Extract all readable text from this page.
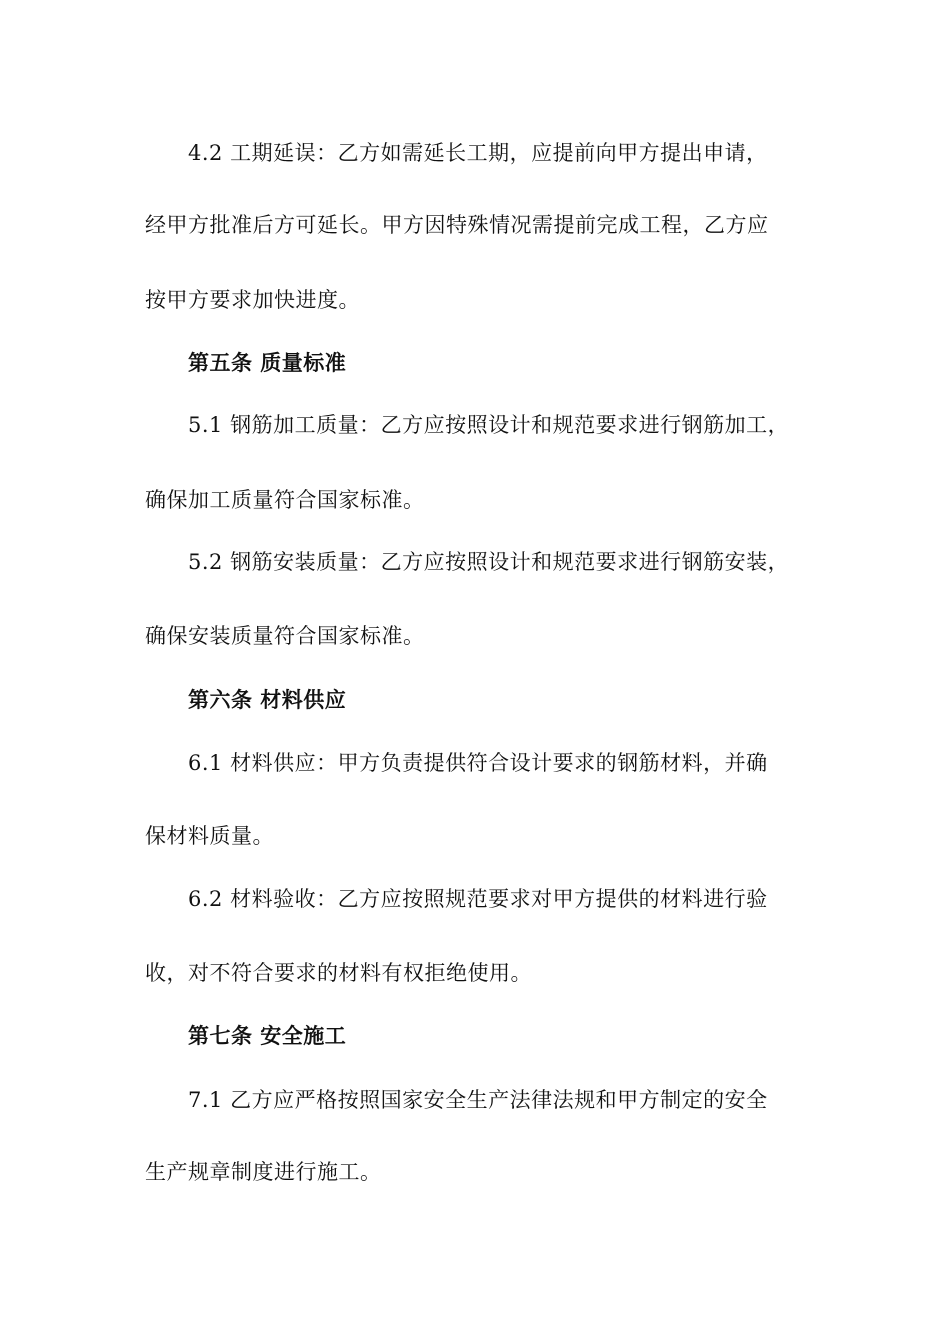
4.2 工期延误：乙方如需延长工期，应提前向甲方提出申请，
经甲方批准后方可延长。甲方因特殊情况需提前完成工程，乙方应
按甲方要求加快进度。
第五条 质量标准
5.1 钢筋加工质量：乙方应按照设计和规范要求进行钢筋加工，
确保加工质量符合国家标准。
5.2 钢筋安装质量：乙方应按照设计和规范要求进行钢筋安装，
确保安装质量符合国家标准。
第六条 材料供应
6.1 材料供应：甲方负责提供符合设计要求的钢筋材料，并确
保材料质量。
6.2 材料验收：乙方应按照规范要求对甲方提供的材料进行验
收，对不符合要求的材料有权拒绝使用。
第七条 安全施工
7.1 乙方应严格按照国家安全生产法律法规和甲方制定的安全
生产规章制度进行施工。
